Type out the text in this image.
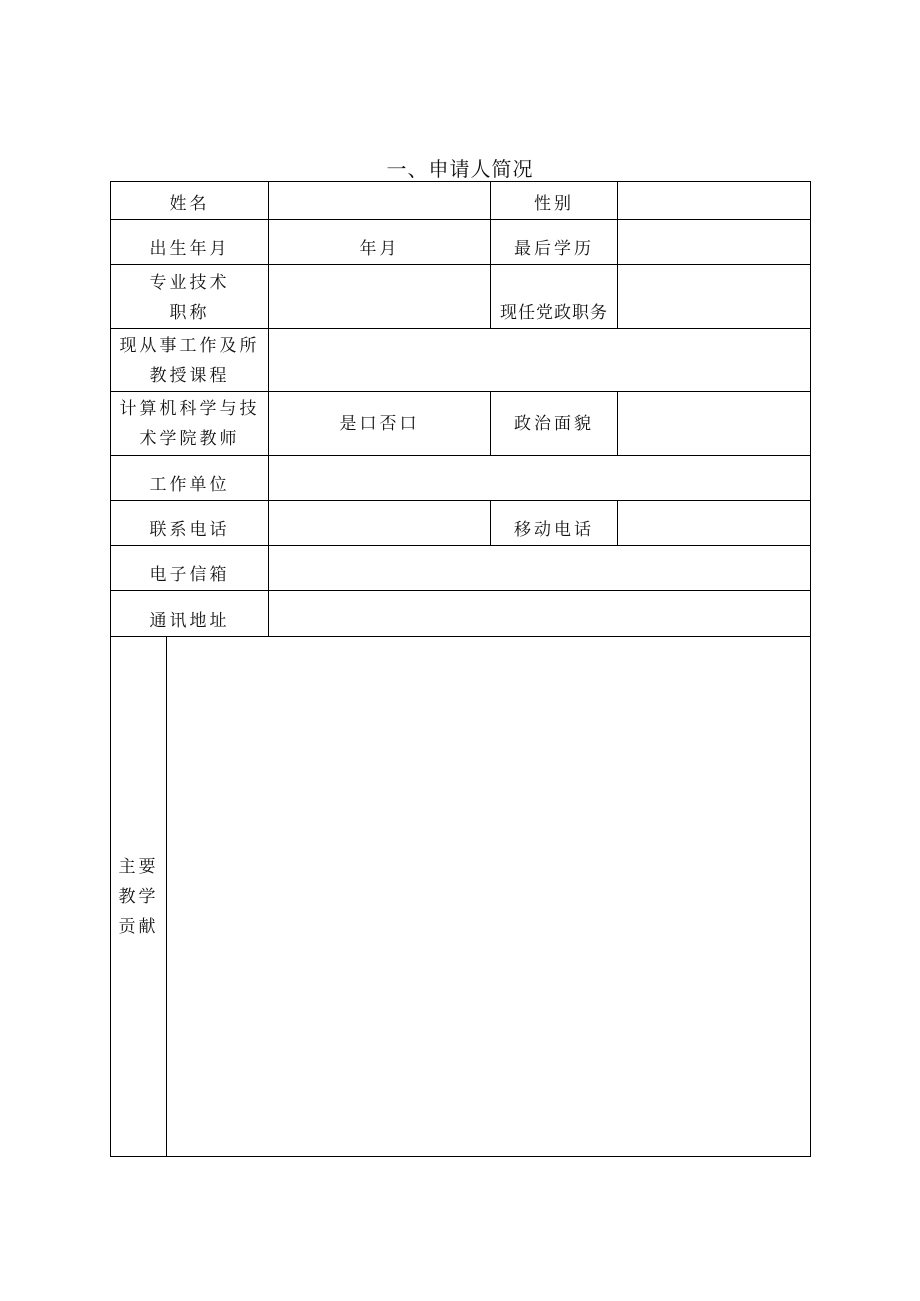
一、申请人简况
姓名			性别	
出生年月		年月	最后学历	

专业技术
职称			现任党政职务	

现从事工作及所
教授课程				

计算机科学与技
术学院教师		是口否口	政治面貌	
工作单位				
联系电话			移动电话	
电子信箱				
通讯地址				

主要
教学
贡献				
